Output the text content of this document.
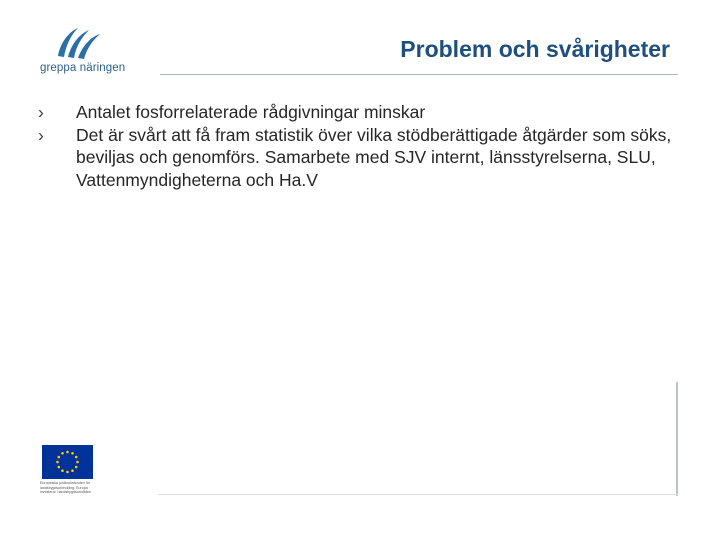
greppa näringen
Problem och svårigheter
›	Antalet fosforrelaterade rådgivningar minskar
›	Det är svårt att få fram statistik över vilka stödberättigade åtgärder som söks, beviljas och genomförs. Samarbete med SJV internt, länsstyrelserna, SLU, Vattenmyndigheterna och Ha.V
Europeiska jordbruksfonden för
landsbygdsutveckling: Europa
investerar i landsbygdsområden
